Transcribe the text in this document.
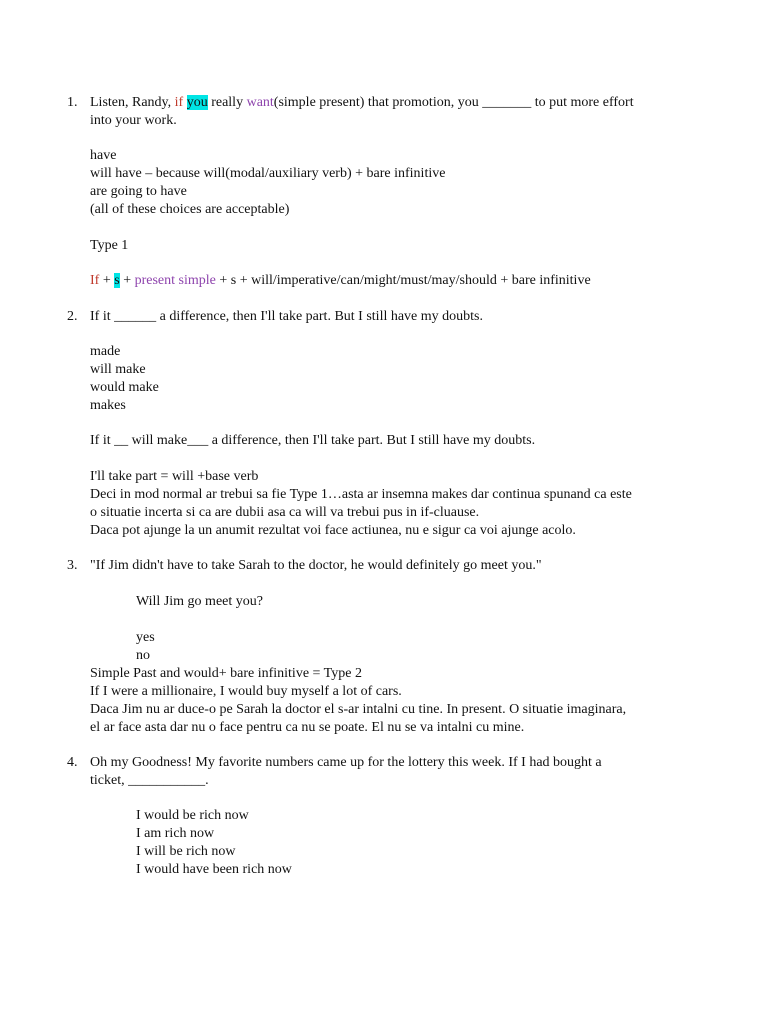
1. Listen, Randy, if you really want(simple present) that promotion, you _______ to put more effort
into your work.
have
will have – because will(modal/auxiliary verb) + bare infinitive
are going to have
(all of these choices are acceptable)
Type 1
If + s + present simple + s + will/imperative/can/might/must/may/should + bare infinitive
2. If it ______ a difference, then I'll take part. But I still have my doubts.
made
will make
would make
makes
If it __ will make___ a difference, then I'll take part. But I still have my doubts.
I'll take part = will +base verb
Deci in mod normal ar trebui sa fie Type 1…asta ar insemna makes dar continua spunand ca este
o situatie incerta si ca are dubii asa ca will va trebui pus in if-cluause.
Daca pot ajunge la un anumit rezultat voi face actiunea, nu e sigur ca voi ajunge acolo.
3. "If Jim didn't have to take Sarah to the doctor, he would definitely go meet you."
Will Jim go meet you?
yes
no
Simple Past and would+ bare infinitive = Type 2
If I were a millionaire, I would buy myself a lot of cars.
Daca Jim nu ar duce-o pe Sarah la doctor el s-ar intalni cu tine. In present. O situatie imaginara,
el ar face asta dar nu o face pentru ca nu se poate. El nu se va intalni cu mine.
4. Oh my Goodness! My favorite numbers came up for the lottery this week. If I had bought a
ticket, ___________.
I would be rich now
I am rich now
I will be rich now
I would have been rich now
